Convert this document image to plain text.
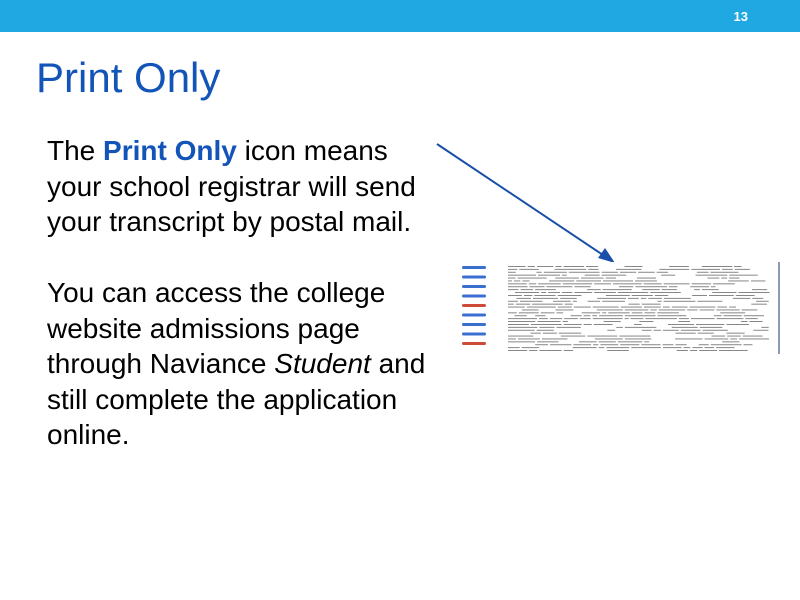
13
Print Only

The Print Only icon means your school registrar will send your transcript by postal mail.

You can access the college website admissions page through Naviance Student and still complete the application online.
